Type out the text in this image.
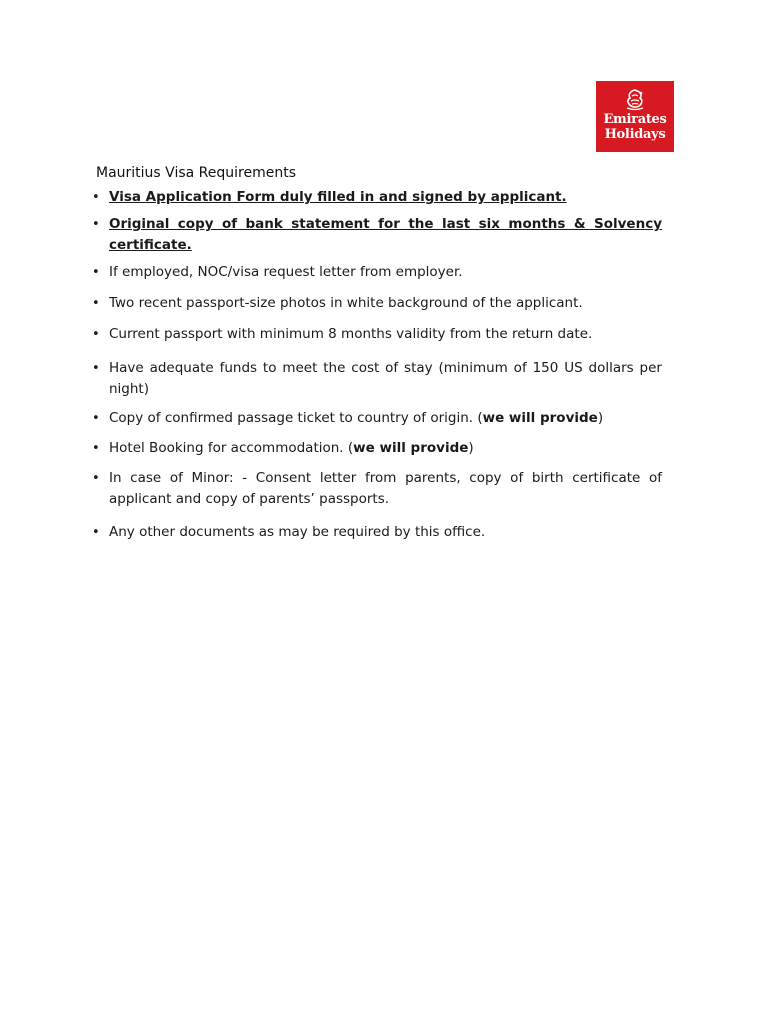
Emirates
Holidays
Mauritius Visa Requirements
• Visa Application Form duly filled in and signed by applicant.
• Original copy of bank statement for the last six months & Solvency certificate.
• If employed, NOC/visa request letter from employer.
• Two recent passport-size photos in white background of the applicant.
• Current passport with minimum 8 months validity from the return date.
• Have adequate funds to meet the cost of stay (minimum of 150 US dollars per night)
• Copy of confirmed passage ticket to country of origin. (we will provide)
• Hotel Booking for accommodation. (we will provide)
• In case of Minor: - Consent letter from parents, copy of birth certificate of applicant and copy of parents’ passports.
• Any other documents as may be required by this office.
